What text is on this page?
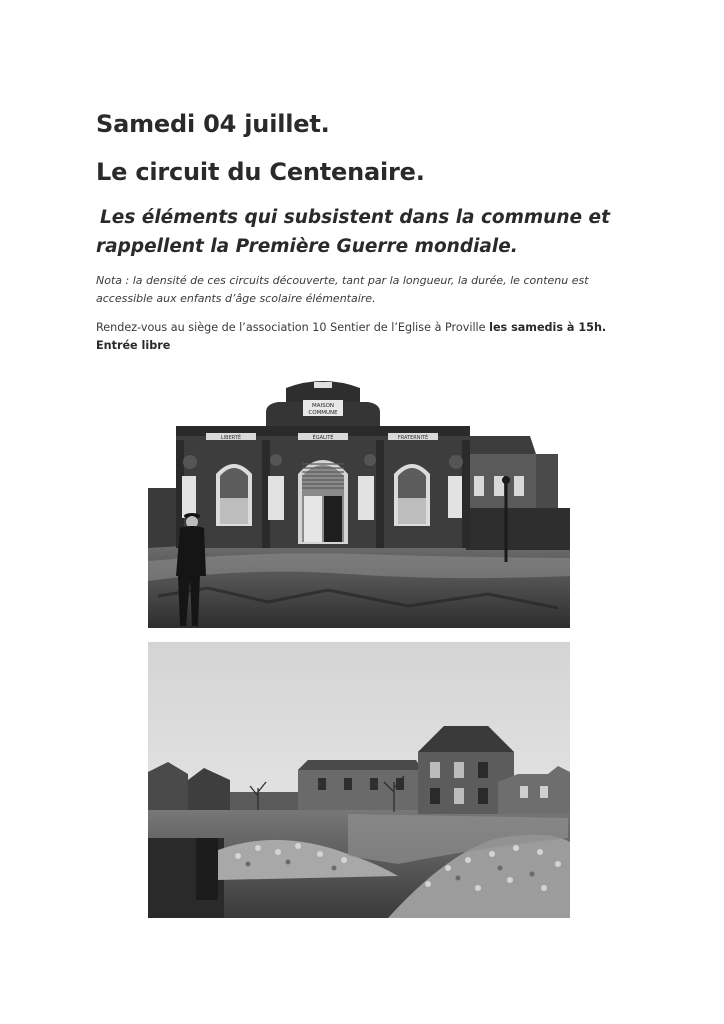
Samedi 04 juillet.
Le circuit du Centenaire.
Les éléments qui subsistent dans la commune et
rappellent la Première Guerre mondiale.

Nota : la densité de ces circuits découverte, tant par la longueur, la durée, le contenu est
accessible aux enfants d’âge scolaire élémentaire.

Rendez-vous au siège de l’association 10 Sentier de l’Eglise à Proville les samedis à 15h.
Entrée libre

MAISON
COMMUNE
LIBERTÉ	ÉGALITÉ	FRATERNITÉ
